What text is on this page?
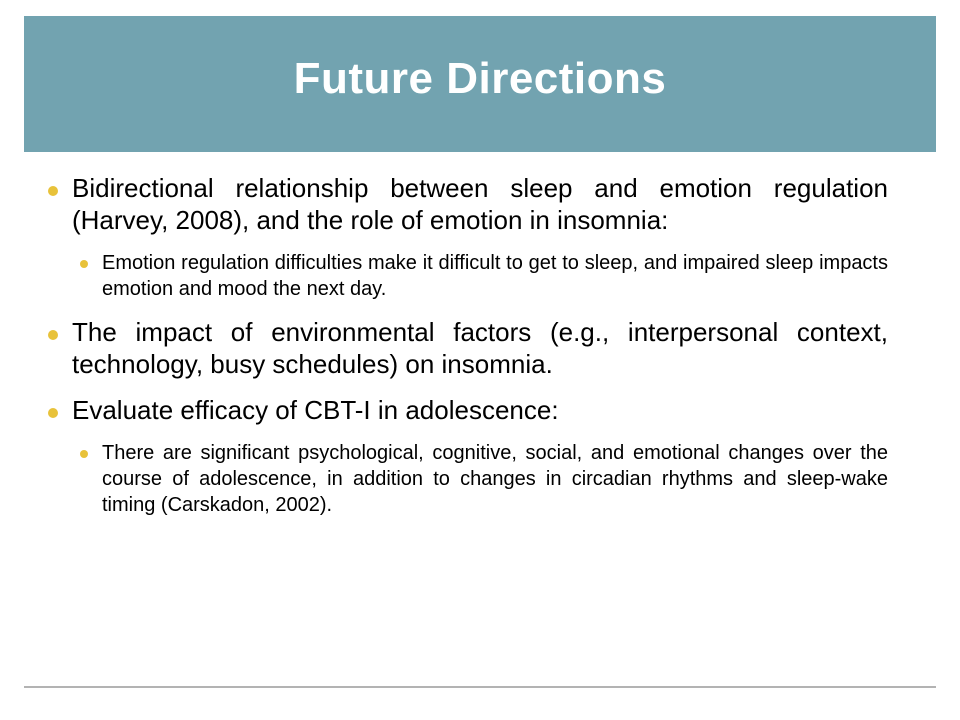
Future Directions
Bidirectional relationship between sleep and emotion regulation (Harvey, 2008), and the role of emotion in insomnia:
Emotion regulation difficulties make it difficult to get to sleep, and impaired sleep impacts emotion and mood the next day.
The impact of environmental factors (e.g., interpersonal context, technology, busy schedules) on insomnia.
Evaluate efficacy of CBT-I in adolescence:
There are significant psychological, cognitive, social, and emotional changes over the course of adolescence, in addition to changes in circadian rhythms and sleep-wake timing (Carskadon, 2002).
